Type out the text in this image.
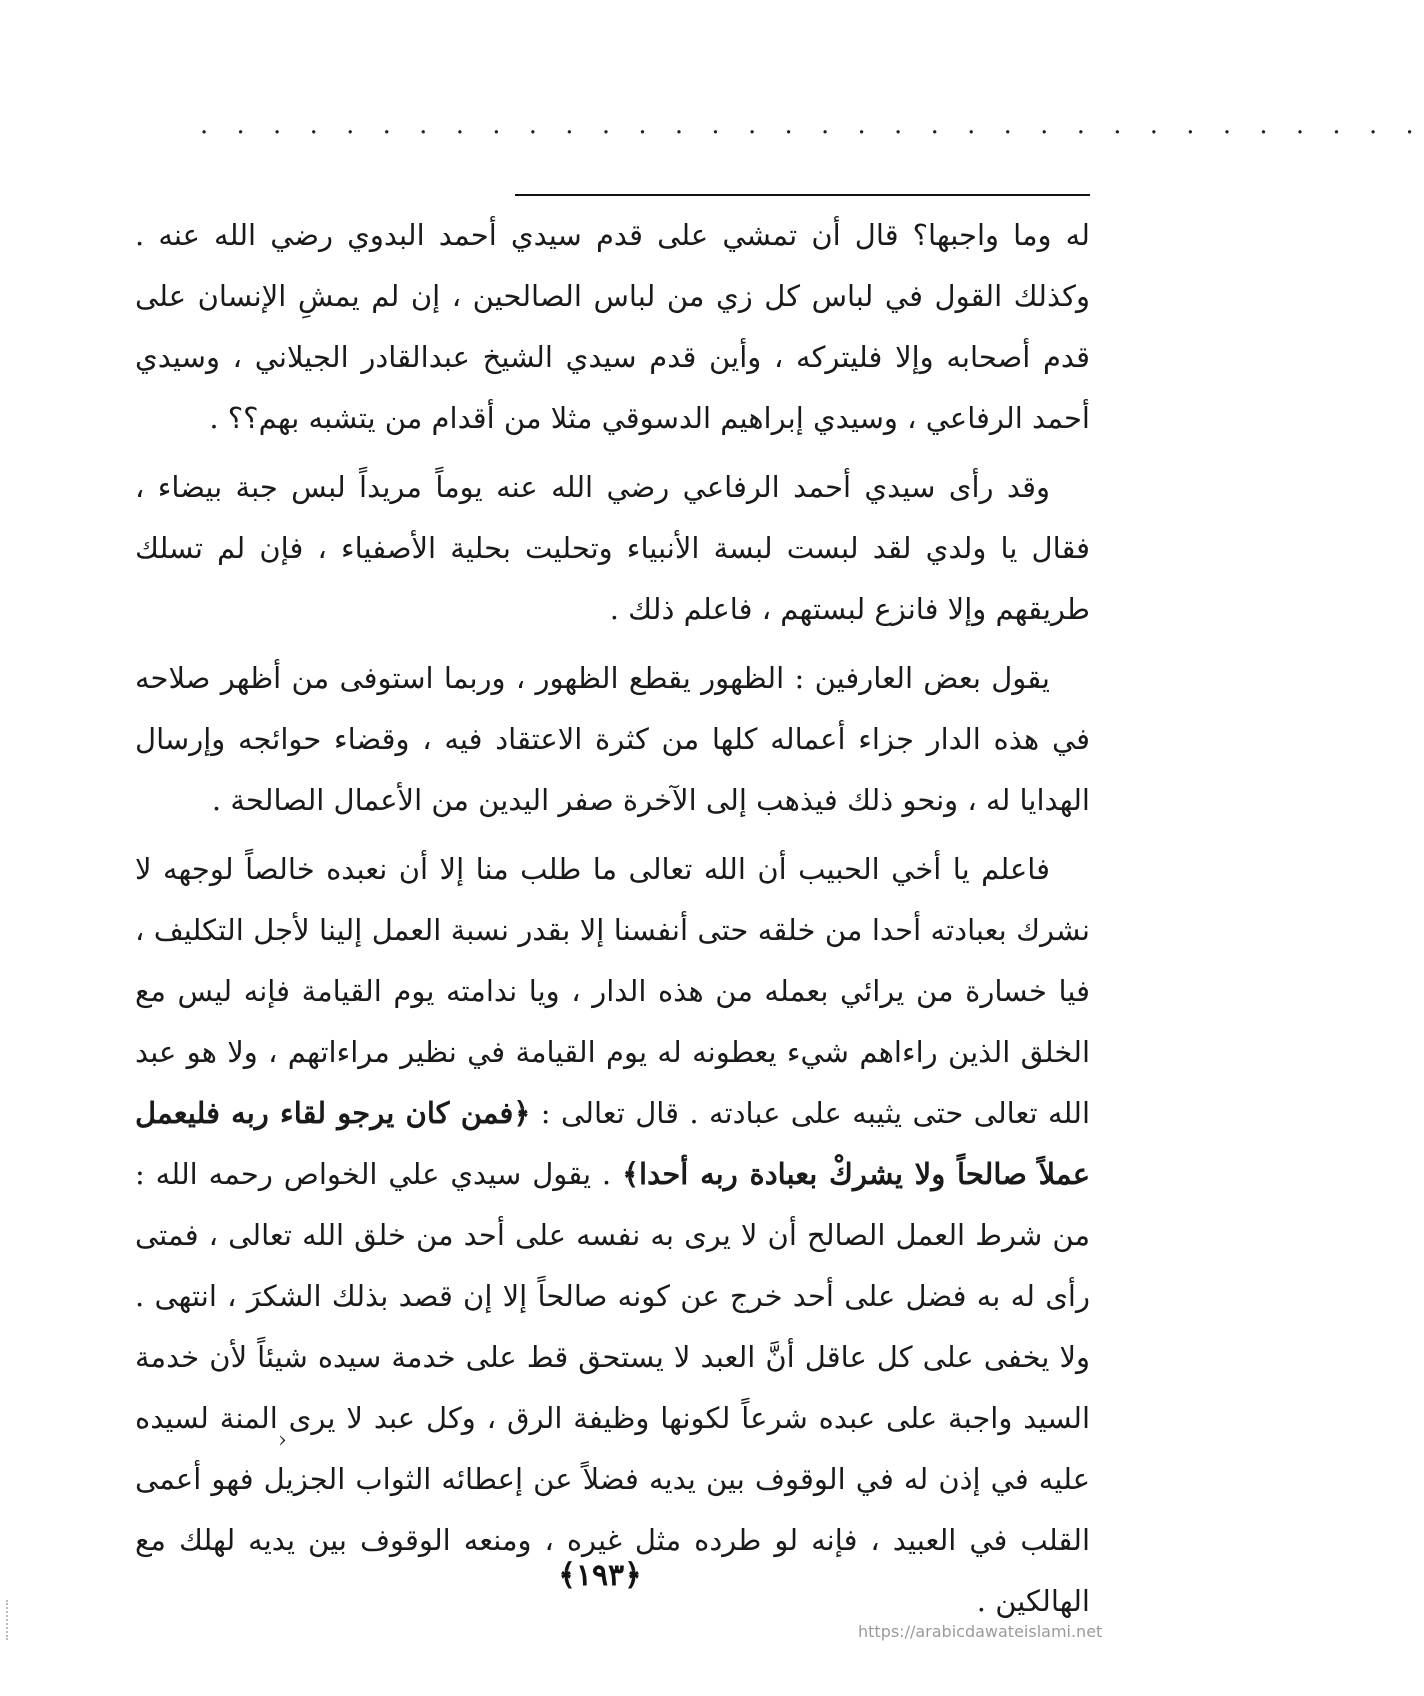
· · · · · · · · · · · · · · · · · · · · · · · · · · · · · · · · · ·

له وما واجبها؟ قال أن تمشي على قدم سيدي أحمد البدوي رضي الله عنه . وكذلك القول في لباس كل زي من لباس الصالحين ، إن لم يمشِ الإنسان على قدم أصحابه وإلا فليتركه ، وأين قدم سيدي الشيخ عبدالقادر الجيلاني ، وسيدي أحمد الرفاعي ، وسيدي إبراهيم الدسوقي مثلا من أقدام من يتشبه بهم؟؟ .

وقد رأى سيدي أحمد الرفاعي رضي الله عنه يوماً مريداً لبس جبة بيضاء ، فقال يا ولدي لقد لبست لبسة الأنبياء وتحليت بحلية الأصفياء ، فإن لم تسلك طريقهم وإلا فانزع لبستهم ، فاعلم ذلك .

يقول بعض العارفين : الظهور يقطع الظهور ، وربما استوفى من أظهر صلاحه في هذه الدار جزاء أعماله كلها من كثرة الاعتقاد فيه ، وقضاء حوائجه وإرسال الهدايا له ، ونحو ذلك فيذهب إلى الآخرة صفر اليدين من الأعمال الصالحة .

فاعلم يا أخي الحبيب أن الله تعالى ما طلب منا إلا أن نعبده خالصاً لوجهه لا نشرك بعبادته أحدا من خلقه حتى أنفسنا إلا بقدر نسبة العمل إلينا لأجل التكليف ، فيا خسارة من يرائي بعمله من هذه الدار ، ويا ندامته يوم القيامة فإنه ليس مع الخلق الذين راءاهم شيء يعطونه له يوم القيامة في نظير مراءاتهم ، ولا هو عبد الله تعالى حتى يثيبه على عبادته . قال تعالى : ﴿فمن كان يرجو لقاء ربه فليعمل عملاً صالحاً ولا يشركْ بعبادة ربه أحدا﴾ . يقول سيدي علي الخواص رحمه الله : من شرط العمل الصالح أن لا يرى به نفسه على أحد من خلق الله تعالى ، فمتى رأى له به فضل على أحد خرج عن كونه صالحاً إلا إن قصد بذلك الشكرَ ، انتهى . ولا يخفى على كل عاقل أنَّ العبد لا يستحق قط على خدمة سيده شيئاً لأن خدمة السيد واجبة على عبده شرعاً لكونها وظيفة الرق ، وكل عبد لا يرى المنة لسيده عليه في إذن له في الوقوف بين يديه فضلاً عن إعطائه الثواب الجزيل فهو أعمى القلب في العبيد ، فإنه لو طرده مثل غيره ، ومنعه الوقوف بين يديه لهلك مع الهالكين .

›
﴿١٩٣﴾
https://arabicdawateislami.net
